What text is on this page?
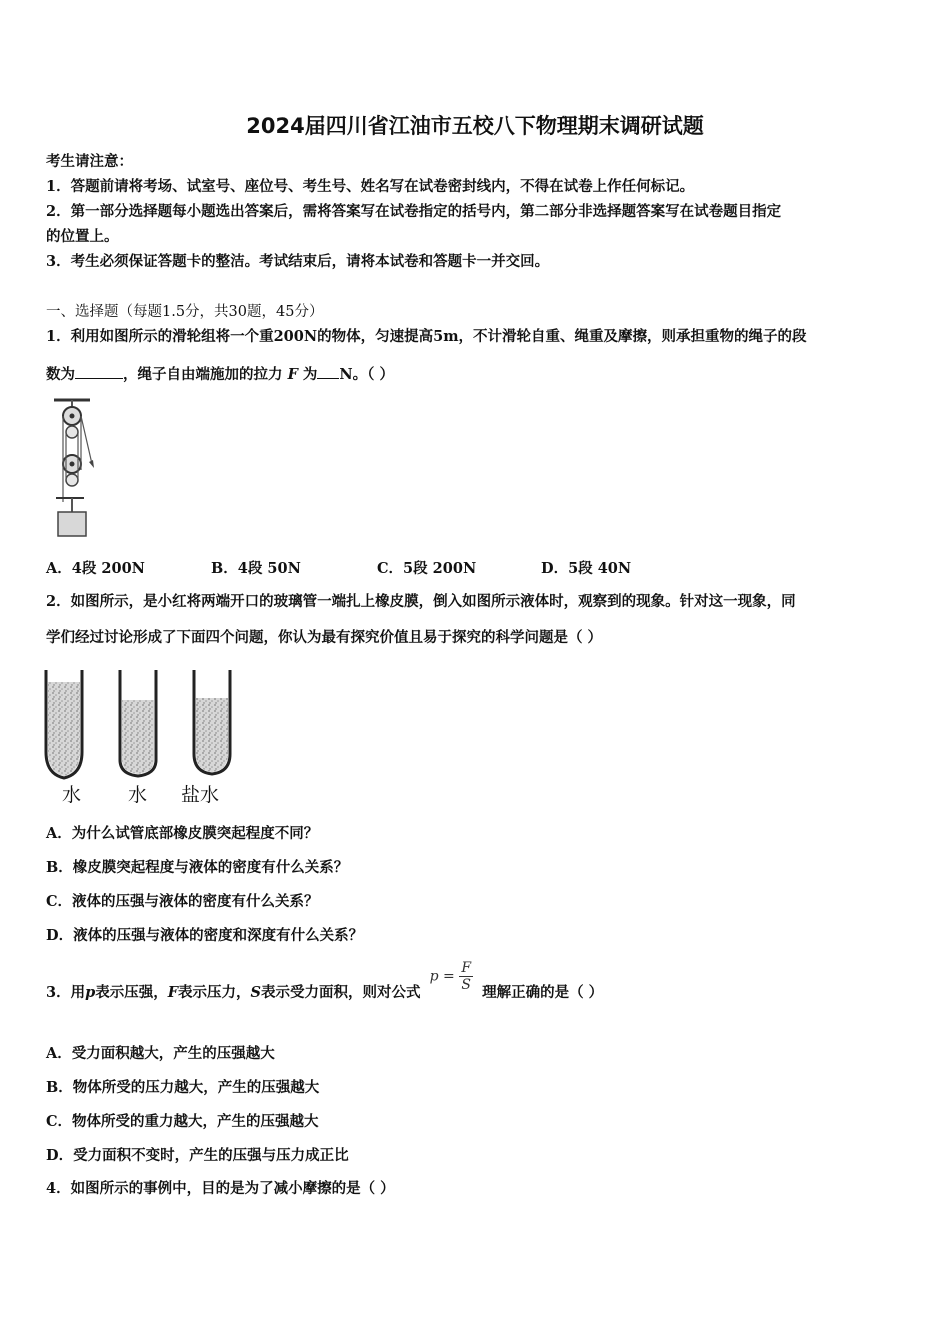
2024届四川省江油市五校八下物理期末调研试题
考生请注意：
1．答题前请将考场、试室号、座位号、考生号、姓名写在试卷密封线内，不得在试卷上作任何标记。
2．第一部分选择题每小题选出答案后，需将答案写在试卷指定的括号内，第二部分非选择题答案写在试卷题目指定
的位置上。
3．考生必须保证答题卡的整洁。考试结束后，请将本试卷和答题卡一并交回。
一、选择题（每题1.5分，共30题，45分）
1．利用如图所示的滑轮组将一个重200N的物体，匀速提高5m，不计滑轮自重、绳重及摩擦，则承担重物的绳子的段
数为	，绳子自由端施加的拉力 F 为 N。（ ）
A．4段 200N	B．4段 50N	C．5段 200N	D．5段 40N
2．如图所示，是小红将两端开口的玻璃管一端扎上橡皮膜，倒入如图所示液体时，观察到的现象。针对这一现象，同
学们经过讨论形成了下面四个问题，你认为最有探究价值且易于探究的科学问题是（ ）
水 水 盐水
A．为什么试管底部橡皮膜突起程度不同？
B．橡皮膜突起程度与液体的密度有什么关系？
C．液体的压强与液体的密度有什么关系？
D．液体的压强与液体的密度和深度有什么关系？
3．用p表示压强，F表示压力，S表示受力面积，则对公式 $p = \frac{F}{S}$ 理解正确的是（ ）
A．受力面积越大，产生的压强越大
B．物体所受的压力越大，产生的压强越大
C．物体所受的重力越大，产生的压强越大
D．受力面积不变时，产生的压强与压力成正比
4．如图所示的事例中，目的是为了减小摩擦的是（ ）
